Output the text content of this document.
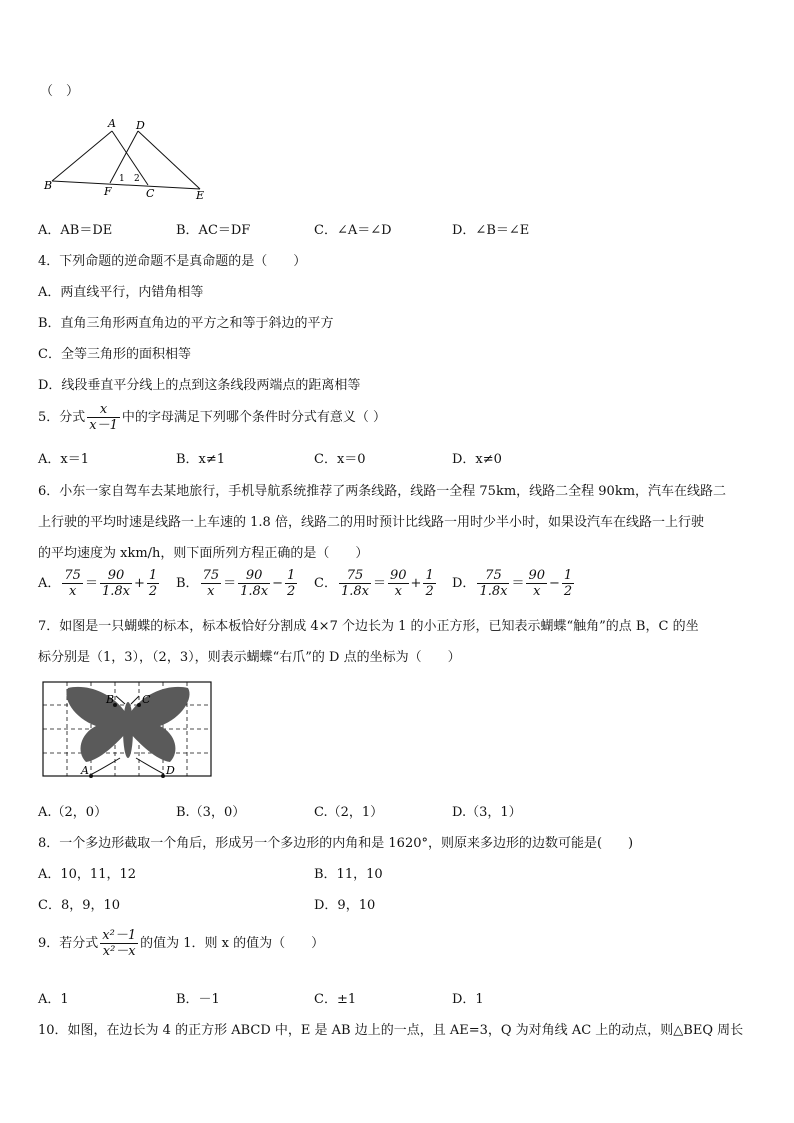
（　）
A D
B	F	C	E
1 2
A．AB＝DE	B．AC＝DF	C．∠A＝∠D	D．∠B＝∠E
4．下列命题的逆命题不是真命题的是（　　）
A．两直线平行，内错角相等
B．直角三角形两直角边的平方之和等于斜边的平方
C．全等三角形的面积相等
D．线段垂直平分线上的点到这条线段两端点的距离相等
5．分式 $\frac{x}{x-1}$ 中的字母满足下列哪个条件时分式有意义（ ）
A．x＝1	B．x≠1	C．x＝0	D．x≠0
6．小东一家自驾车去某地旅行，手机导航系统推荐了两条线路，线路一全程 75km，线路二全程 90km，汽车在线路二
上行驶的平均时速是线路一上车速的 1.8 倍，线路二的用时预计比线路一用时少半小时，如果设汽车在线路一上行驶
的平均速度为 xkm/h，则下面所列方程正确的是（　　）
A． $\frac{75}{x} = \frac{90}{1.8x} + \frac{1}{2}$ B． $\frac{75}{x} = \frac{90}{1.8x} - \frac{1}{2}$ C． $\frac{75}{1.8x} = \frac{90}{x} + \frac{1}{2}$ D． $\frac{75}{1.8x} = \frac{90}{x} - \frac{1}{2}$
7．如图是一只蝴蝶的标本，标本板恰好分割成 4×7 个边长为 1 的小正方形，已知表示蝴蝶“触角”的点 B，C 的坐
标分别是（1，3），（2，3），则表示蝴蝶“右爪”的 D 点的坐标为（　　）
B	C
A	D
A.（2，0）	B.（3，0）	C.（2，1）	D.（3，1）
8．一个多边形截取一个角后，形成另一个多边形的内角和是 1620°，则原来多边形的边数可能是(　　)
A．10，11，12	B．11，10
C．8，9，10	D．9，10
9．若分式 $\frac{\text{x²－1}}{\text{x²－x}}$ 的值为 1．则 x 的值为（　　）
A．1	B．－1	C．±1	D．1
10．如图，在边长为 4 的正方形 ABCD 中，E 是 AB 边上的一点，且 AE=3，Q 为对角线 AC 上的动点，则△BEQ 周长
